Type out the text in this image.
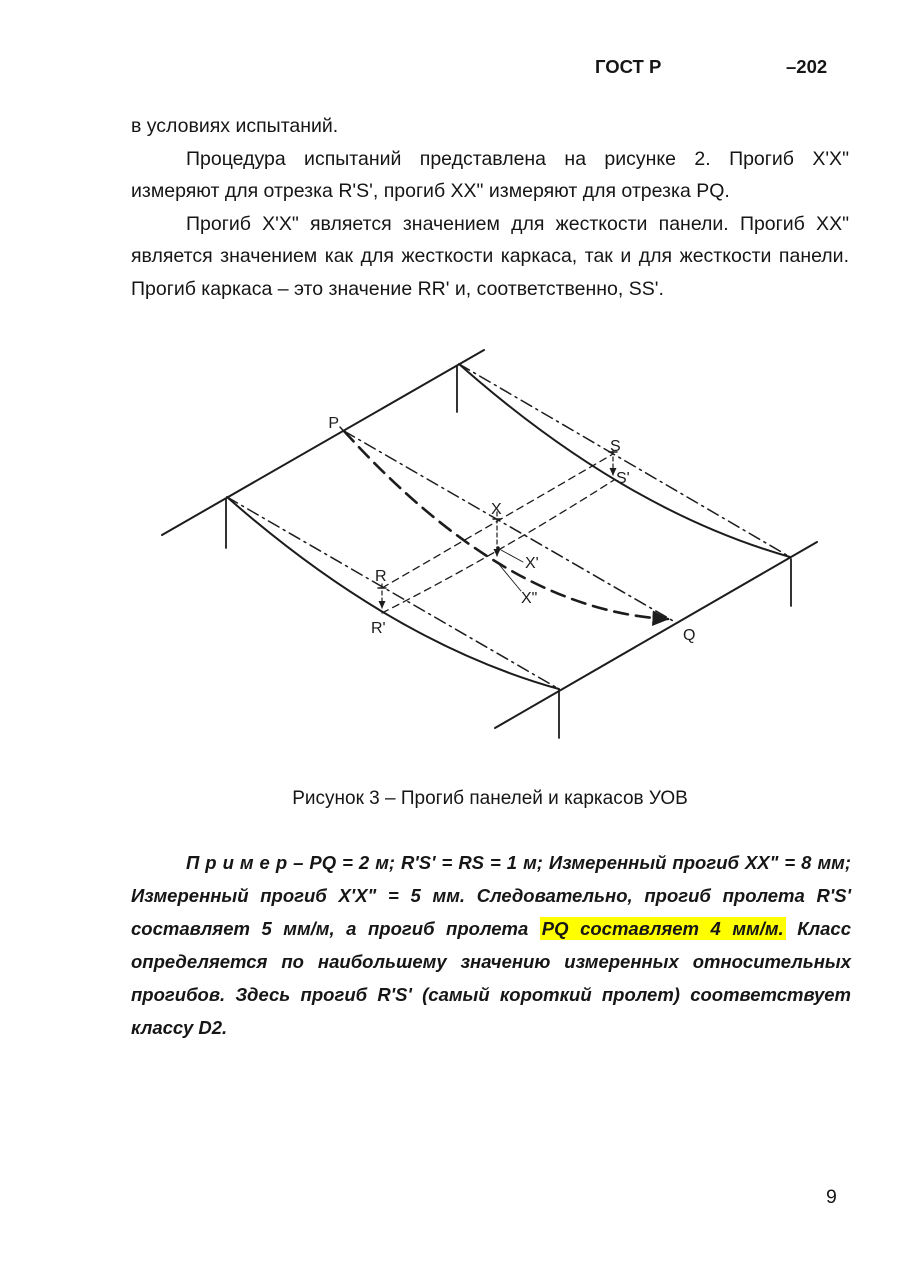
ГОСТ Р	–202

в условиях испытаний.

Процедура испытаний представлена на рисунке 2. Прогиб X'X" измеряют для отрезка R'S', прогиб XX" измеряют для отрезка PQ.

Прогиб X'X" является значением для жесткости панели. Прогиб XX" является значением как для жесткости каркаса, так и для жесткости панели. Прогиб каркаса – это значение RR' и, соответственно, SS'.

P
S
S'
X
X'
X"
R
R'	Q
Рисунок 3 – Прогиб панелей и каркасов УОВ
П р и м е р – PQ = 2 м; R'S' = RS = 1 м; Измеренный прогиб XX" = 8 мм; Измеренный прогиб X'X" = 5 мм. Следовательно, прогиб пролета R'S' составляет 5 мм/м, а прогиб пролета PQ составляет 4 мм/м. Класс определяется по наибольшему значению измеренных относительных прогибов. Здесь прогиб R'S' (самый короткий пролет) соответствует классу D2.
9
